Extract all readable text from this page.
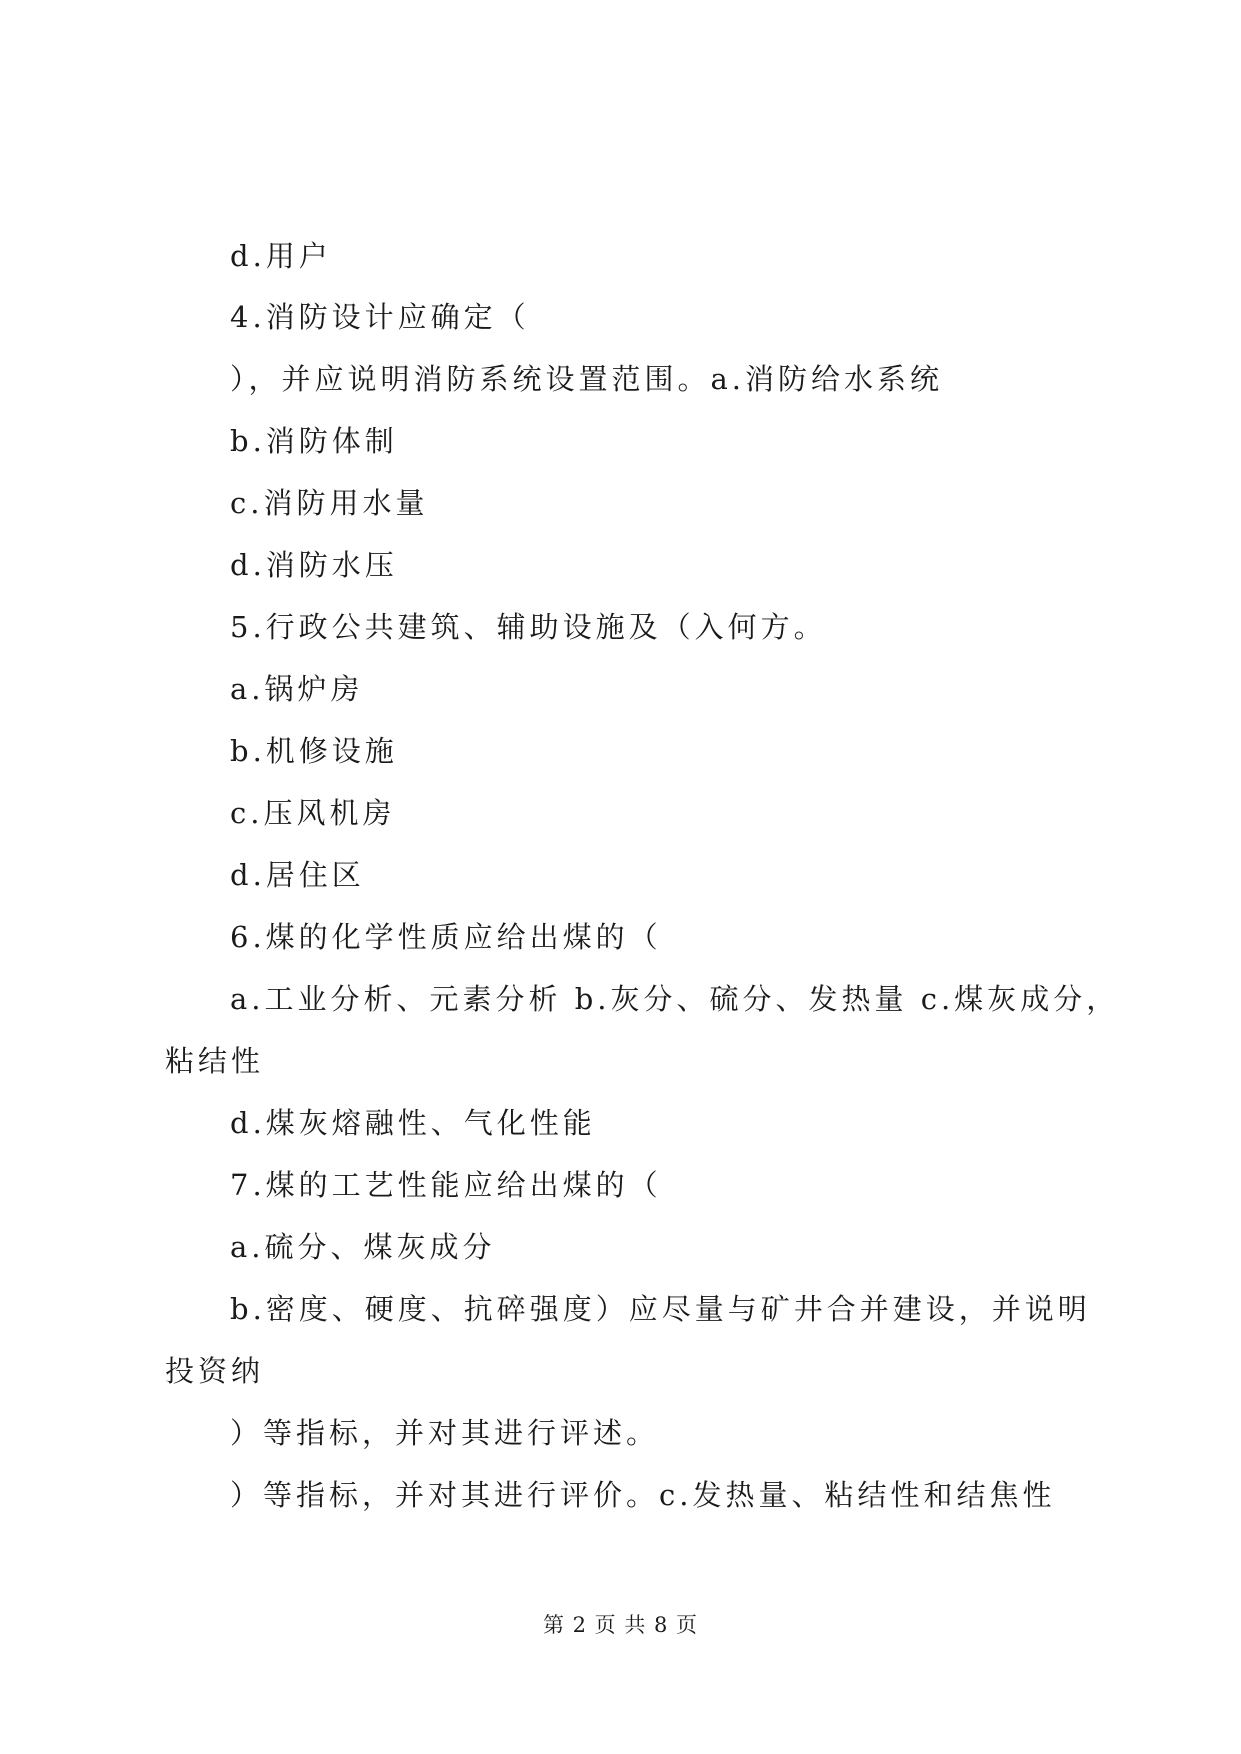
d.用户
4.消防设计应确定（
），并应说明消防系统设置范围。a.消防给水系统
b.消防体制
c.消防用水量
d.消防水压
5.行政公共建筑、辅助设施及（入何方。
a.锅炉房
b.机修设施
c.压风机房
d.居住区
6.煤的化学性质应给出煤的（
a.工业分析、元素分析 b.灰分、硫分、发热量 c.煤灰成分，
粘结性
d.煤灰熔融性、气化性能
7.煤的工艺性能应给出煤的（
a.硫分、煤灰成分
b.密度、硬度、抗碎强度）应尽量与矿井合并建设，并说明
投资纳
）等指标，并对其进行评述。
）等指标，并对其进行评价。c.发热量、粘结性和结焦性
第 2 页 共 8 页
